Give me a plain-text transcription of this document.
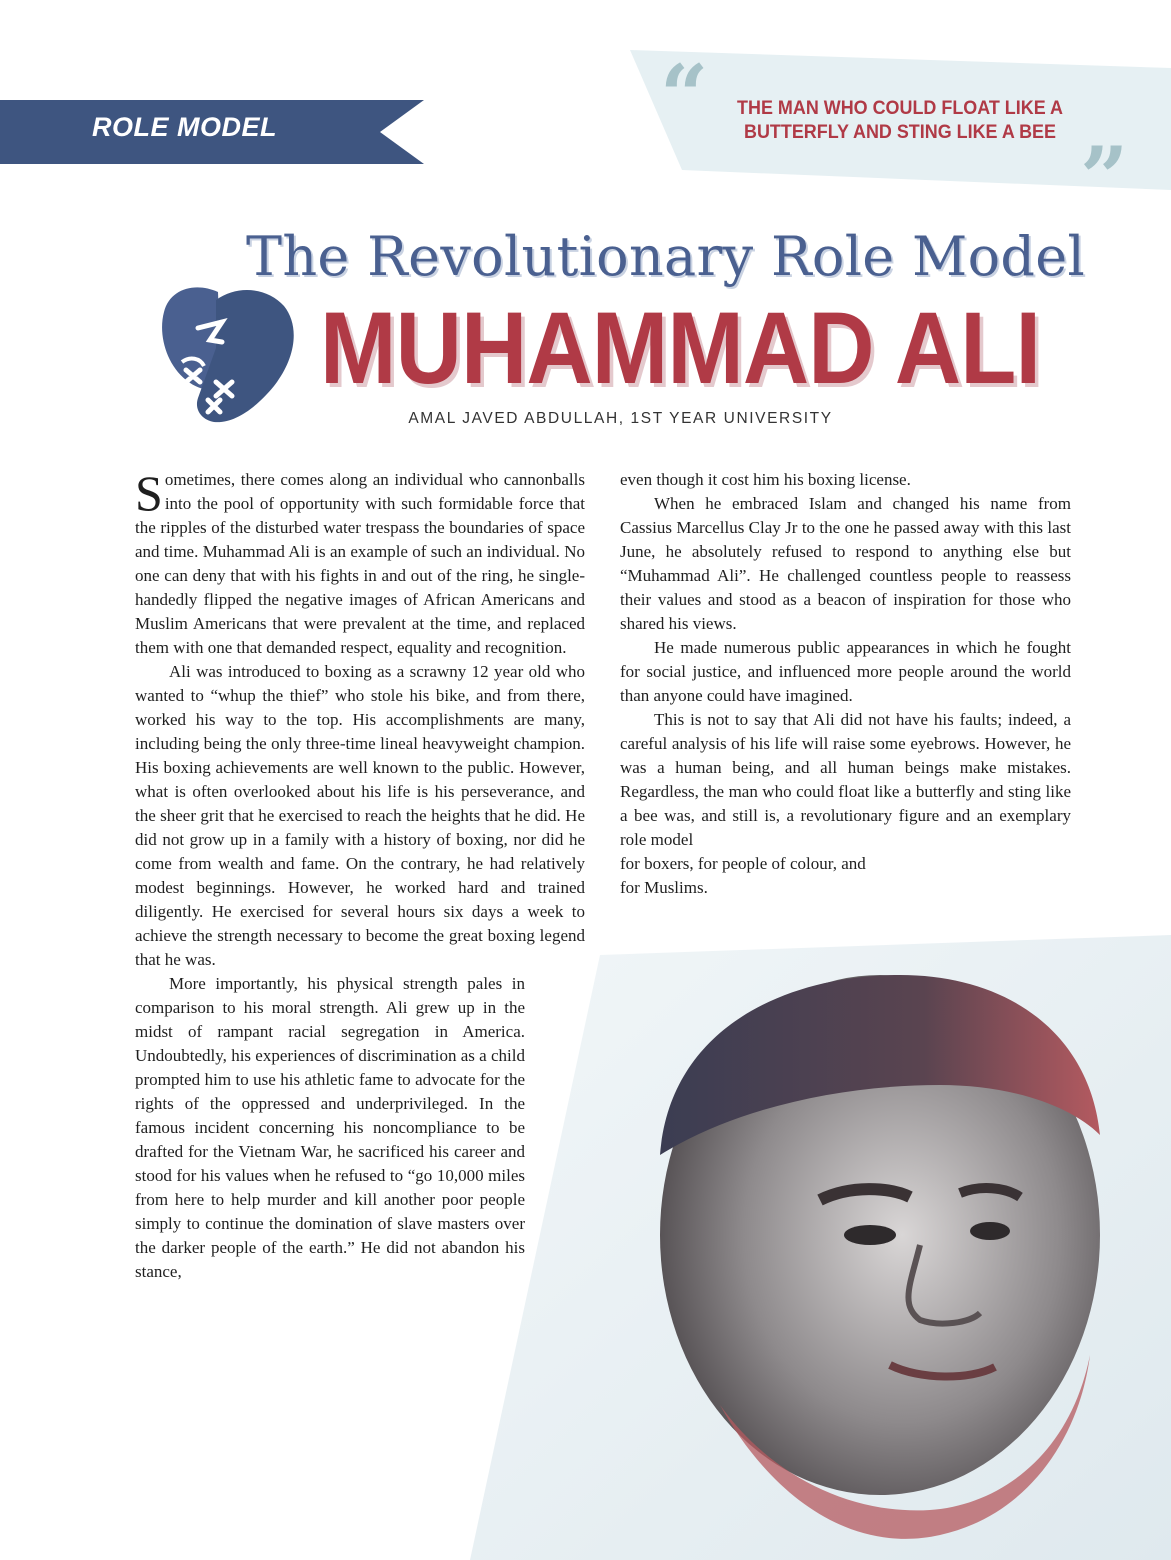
ROLE MODEL	“	THE MAN WHO COULD FLOAT LIKE A BUTTERFLY AND STING LIKE A BEE ”
The Revolutionary Role Model
MUHAMMAD ALI
AMAL JAVED ABDULLAH, 1ST YEAR UNIVERSITY

Sometimes, there comes along an individual who cannonballs into the pool of opportunity with such formidable force that the ripples of the disturbed water trespass the boundaries of space and time. Muhammad Ali is an example of such an individual. No one can deny that with his fights in and out of the ring, he single-handedly flipped the negative images of African Americans and Muslim Americans that were prevalent at the time, and replaced them with one that demanded respect, equality and recognition.

Ali was introduced to boxing as a scrawny 12 year old who wanted to “whup the thief” who stole his bike, and from there, worked his way to the top. His accomplishments are many, including being the only three-time lineal heavyweight champion. His boxing achievements are well known to the public. However, what is often overlooked about his life is his perseverance, and the sheer grit that he exercised to reach the heights that he did. He did not grow up in a family with a history of boxing, nor did he come from wealth and fame. On the contrary, he had relatively modest beginnings. However, he worked hard and trained diligently. He exercised for several hours six days a week to achieve the strength necessary to become the great boxing legend that he was.

More importantly, his physical strength pales in comparison to his moral strength. Ali grew up in the midst of rampant racial segregation in America. Undoubtedly, his experiences of discrimination as a child prompted him to use his athletic fame to advocate for the rights of the oppressed and underprivileged. In the famous incident concerning his noncompliance to be drafted for the Vietnam War, he sacrificed his career and stood for his values when he refused to “go 10,000 miles from here to help murder and kill another poor people simply to continue the domination of slave masters over the darker people of the earth.” He did not abandon his stance,

even though it cost him his boxing license.

When he embraced Islam and changed his name from Cassius Marcellus Clay Jr to the one he passed away with this last June, he absolutely refused to respond to anything else but “Muhammad Ali”. He challenged countless people to reassess their values and stood as a beacon of inspiration for those who shared his views.

He made numerous public appearances in which he fought for social justice, and influenced more people around the world than anyone could have imagined.

This is not to say that Ali did not have his faults; indeed, a careful analysis of his life will raise some eyebrows. However, he was a human being, and all human beings make mistakes. Regardless, the man who could float like a butterfly and sting like a bee was, and still is, a revolutionary figure and an exemplary role model

for boxers, for people of colour, and

for Muslims.
